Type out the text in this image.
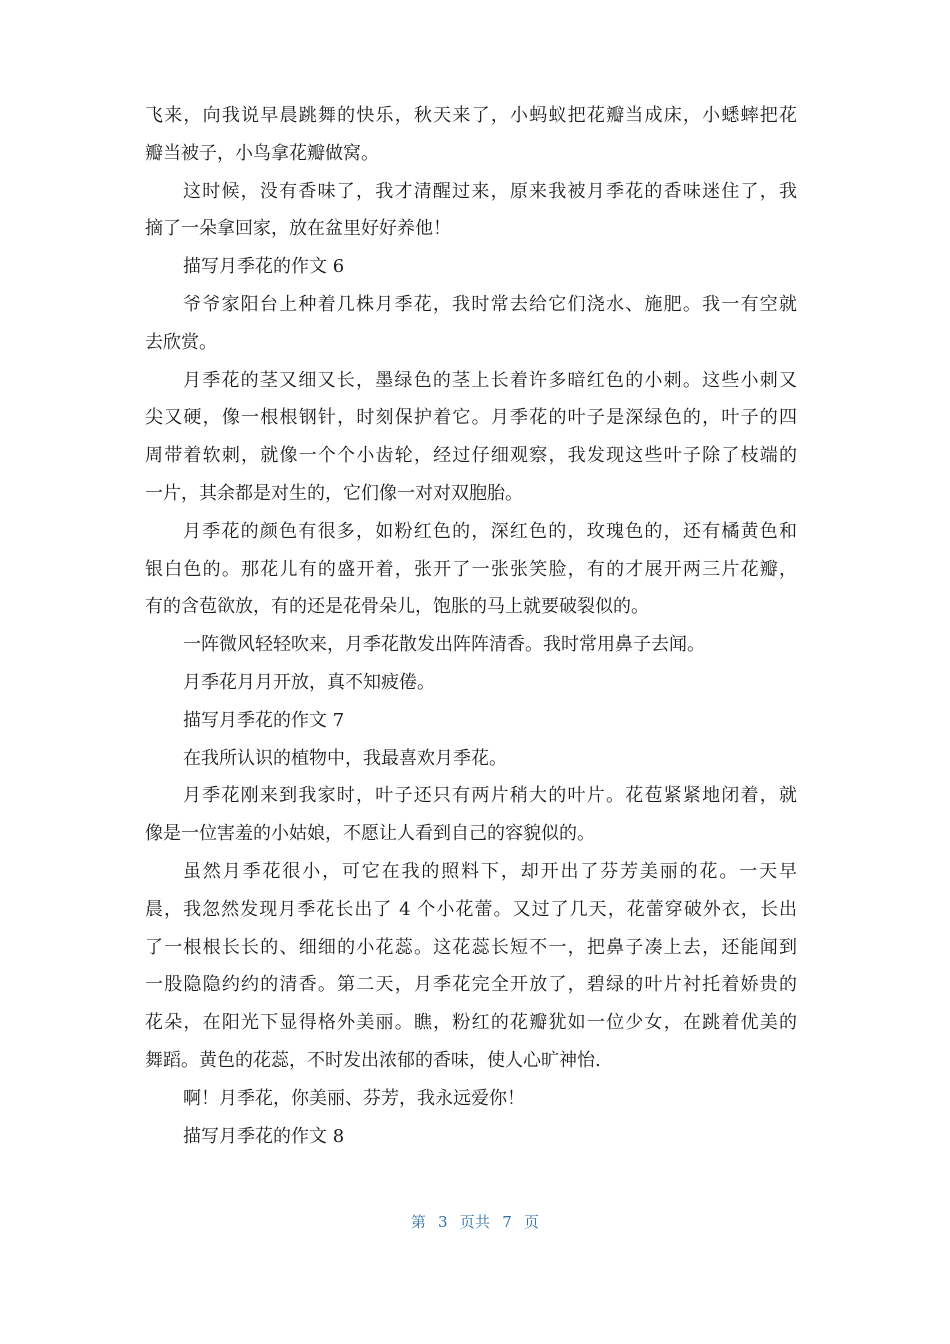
飞来，向我说早晨跳舞的快乐，秋天来了，小蚂蚁把花瓣当成床，小蟋蟀把花
瓣当被子，小鸟拿花瓣做窝。
这时候，没有香味了，我才清醒过来，原来我被月季花的香味迷住了，我
摘了一朵拿回家，放在盆里好好养他！
描写月季花的作文 6
爷爷家阳台上种着几株月季花，我时常去给它们浇水、施肥。我一有空就
去欣赏。
月季花的茎又细又长，墨绿色的茎上长着许多暗红色的小刺。这些小刺又
尖又硬，像一根根钢针，时刻保护着它。月季花的叶子是深绿色的，叶子的四
周带着软刺，就像一个个小齿轮，经过仔细观察，我发现这些叶子除了枝端的
一片，其余都是对生的，它们像一对对双胞胎。
月季花的颜色有很多，如粉红色的，深红色的，玫瑰色的，还有橘黄色和
银白色的。那花儿有的盛开着，张开了一张张笑脸，有的才展开两三片花瓣，
有的含苞欲放，有的还是花骨朵儿，饱胀的马上就要破裂似的。
一阵微风轻轻吹来，月季花散发出阵阵清香。我时常用鼻子去闻。
月季花月月开放，真不知疲倦。
描写月季花的作文 7
在我所认识的植物中，我最喜欢月季花。
月季花刚来到我家时，叶子还只有两片稍大的叶片。花苞紧紧地闭着，就
像是一位害羞的小姑娘，不愿让人看到自己的容貌似的。
虽然月季花很小，可它在我的照料下，却开出了芬芳美丽的花。一天早
晨，我忽然发现月季花长出了 4 个小花蕾。又过了几天，花蕾穿破外衣，长出
了一根根长长的、细细的小花蕊。这花蕊长短不一，把鼻子凑上去，还能闻到
一股隐隐约约的清香。第二天，月季花完全开放了，碧绿的叶片衬托着娇贵的
花朵，在阳光下显得格外美丽。瞧，粉红的花瓣犹如一位少女，在跳着优美的
舞蹈。黄色的花蕊，不时发出浓郁的香味，使人心旷神怡.
啊！月季花，你美丽、芬芳，我永远爱你！
描写月季花的作文 8
第 3 页共 7 页
